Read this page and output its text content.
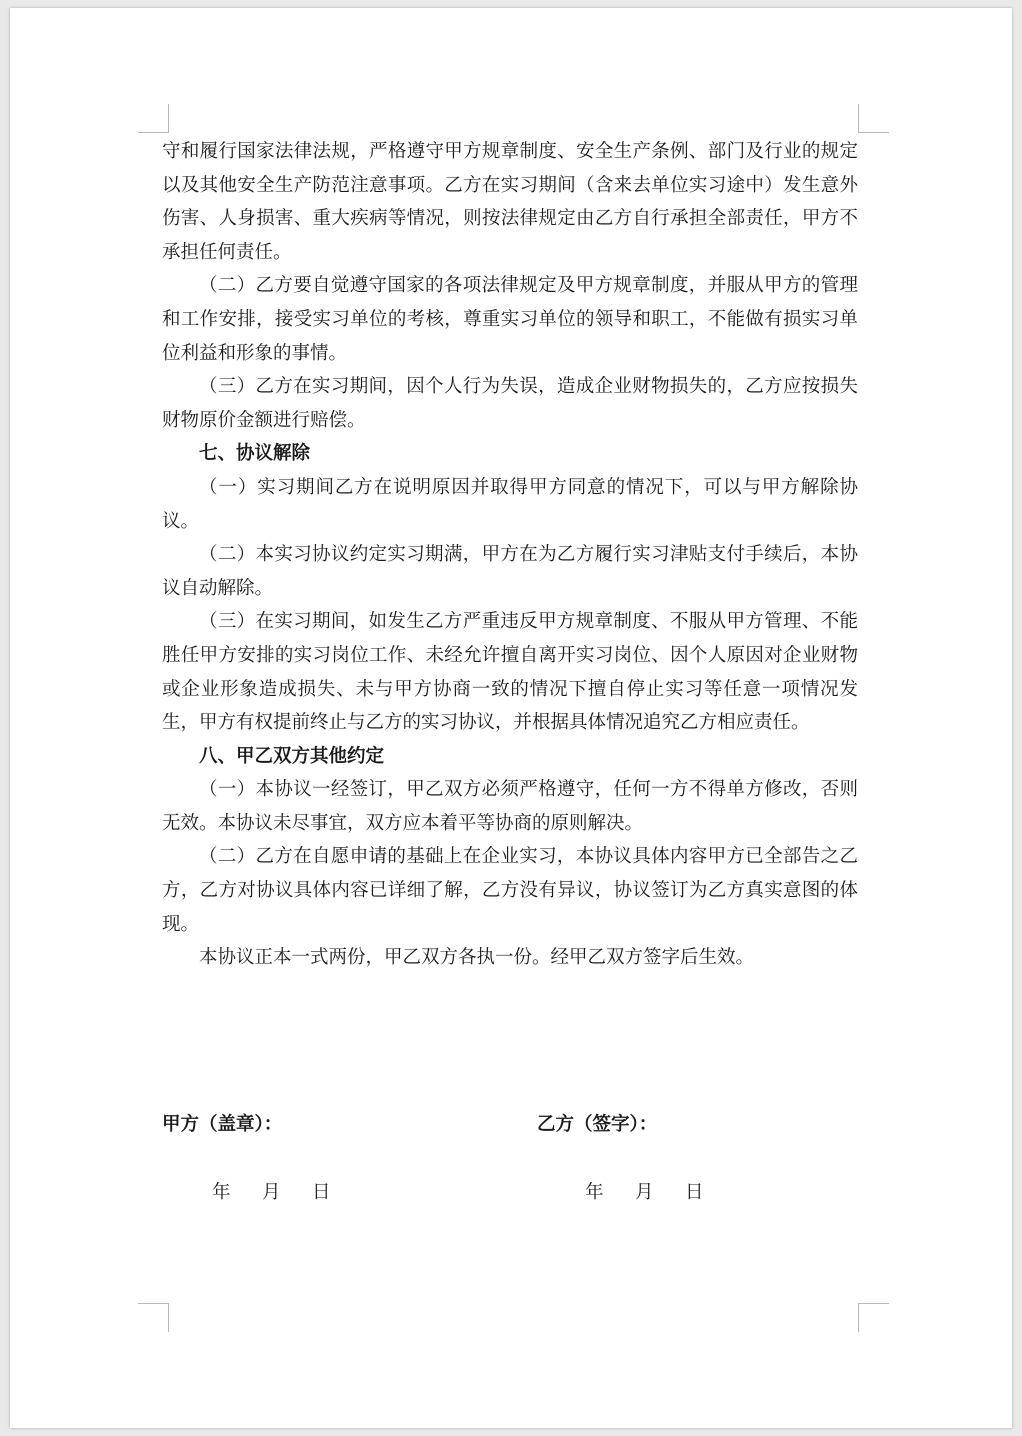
守和履行国家法律法规，严格遵守甲方规章制度、安全生产条例、部门及行业的规定以及其他安全生产防范注意事项。乙方在实习期间（含来去单位实习途中）发生意外伤害、人身损害、重大疾病等情况，则按法律规定由乙方自行承担全部责任，甲方不承担任何责任。

（二）乙方要自觉遵守国家的各项法律规定及甲方规章制度，并服从甲方的管理和工作安排，接受实习单位的考核，尊重实习单位的领导和职工，不能做有损实习单位利益和形象的事情。

（三）乙方在实习期间，因个人行为失误，造成企业财物损失的，乙方应按损失财物原价金额进行赔偿。

七、协议解除

（一）实习期间乙方在说明原因并取得甲方同意的情况下，可以与甲方解除协议。

（二）本实习协议约定实习期满，甲方在为乙方履行实习津贴支付手续后，本协议自动解除。

（三）在实习期间，如发生乙方严重违反甲方规章制度、不服从甲方管理、不能胜任甲方安排的实习岗位工作、未经允许擅自离开实习岗位、因个人原因对企业财物或企业形象造成损失、未与甲方协商一致的情况下擅自停止实习等任意一项情况发生，甲方有权提前终止与乙方的实习协议，并根据具体情况追究乙方相应责任。

八、甲乙双方其他约定

（一）本协议一经签订，甲乙双方必须严格遵守，任何一方不得单方修改，否则无效。本协议未尽事宜，双方应本着平等协商的原则解决。

（二）乙方在自愿申请的基础上在企业实习，本协议具体内容甲方已全部告之乙方，乙方对协议具体内容已详细了解，乙方没有异议，协议签订为乙方真实意图的体现。

本协议正本一式两份，甲乙双方各执一份。经甲乙双方签字后生效。

甲方（盖章）：	乙方（签字）：
年 月 日	年 月 日
